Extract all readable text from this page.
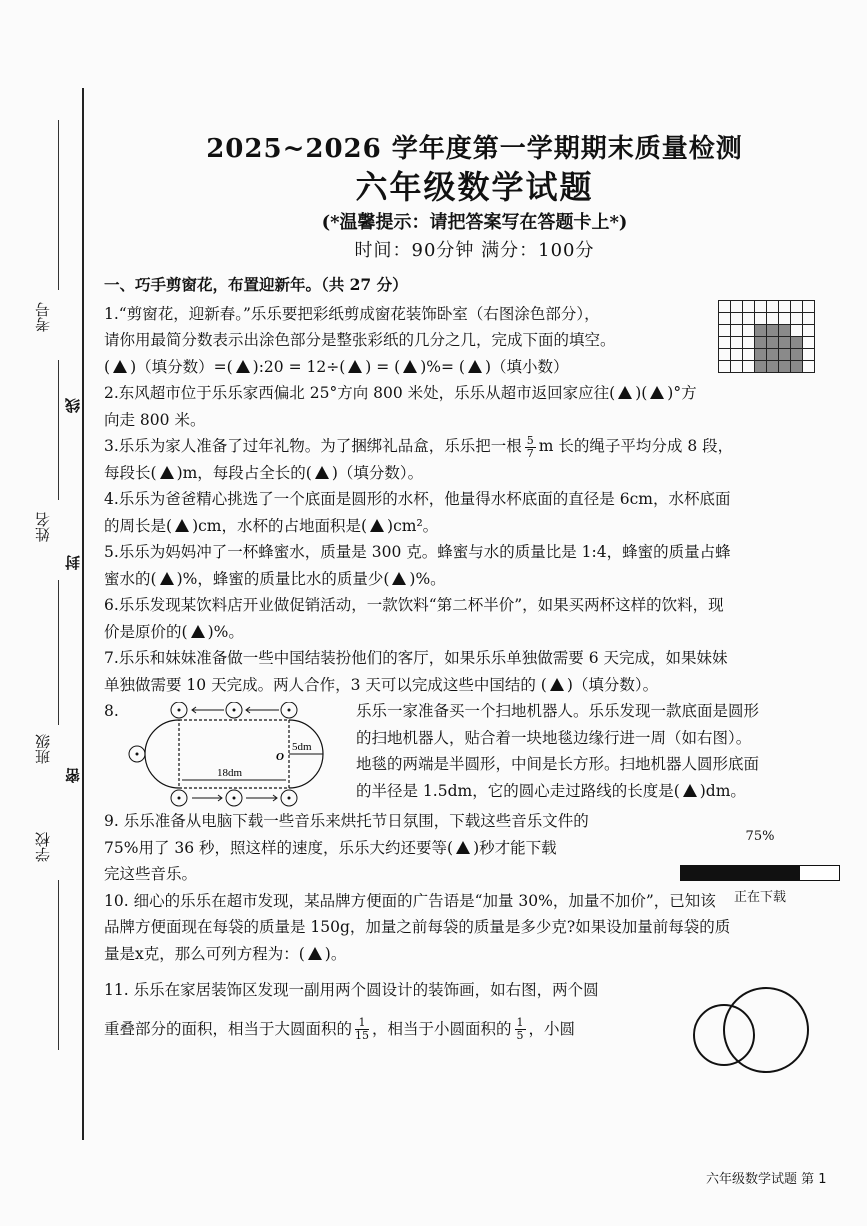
考号
姓名
班级
学校
线
封
密
2025~2026 学年度第一学期期末质量检测
六年级数学试题
(*温馨提示：请把答案写在答题卡上*)
时间：90分钟 满分：100分

一、巧手剪窗花，布置迎新年。（共 27 分）

1.“剪窗花，迎新春。”乐乐要把彩纸剪成窗花装饰卧室（右图涂色部分），

请你用最简分数表示出涂色部分是整张彩纸的几分之几，完成下面的填空。

( )（填分数）=( ):20 = 12÷( ) = ( )%= ( )（填小数）

2.东风超市位于乐乐家西偏北 25°方向 800 米处，乐乐从超市返回家应往( )( )°方

向走 800 米。

3.乐乐为家人准备了过年礼物。为了捆绑礼品盒，乐乐把一根 $\frac{5}{7}$ m 长的绳子平均分成 8 段，

每段长( )m，每段占全长的( )（填分数）。

4.乐乐为爸爸精心挑选了一个底面是圆形的水杯，他量得水杯底面的直径是 6cm，水杯底面

的周长是( )cm，水杯的占地面积是( )cm²。

5.乐乐为妈妈冲了一杯蜂蜜水，质量是 300 克。蜂蜜与水的质量比是 1:4，蜂蜜的质量占蜂

蜜水的( )%，蜂蜜的质量比水的质量少( )%。

6.乐乐发现某饮料店开业做促销活动，一款饮料“第二杯半价”，如果买两杯这样的饮料，现

价是原价的( )%。

7.乐乐和妹妹准备做一些中国结装扮他们的客厅，如果乐乐单独做需要 6 天完成，如果妹妹

单独做需要 10 天完成。两人合作，3 天可以完成这些中国结的 ( )（填分数）。

8.
5dm
O
18dm

乐乐一家准备买一个扫地机器人。乐乐发现一款底面是圆形

的扫地机器人，贴合着一块地毯边缘行进一周（如右图）。

地毯的两端是半圆形，中间是长方形。扫地机器人圆形底面

的半径是 1.5dm，它的圆心走过路线的长度是( )dm。

9. 乐乐准备从电脑下载一些音乐来烘托节日氛围，下载这些音乐文件的

75%用了 36 秒，照这样的速度，乐乐大约还要等( )秒才能下载

完这些音乐。

75%
正在下载

10. 细心的乐乐在超市发现，某品牌方便面的广告语是“加量 30%，加量不加价”，已知该

品牌方便面现在每袋的质量是 150g，加量之前每袋的质量是多少克?如果设加量前每袋的质

量是x克，那么可列方程为：( )。

11. 乐乐在家居装饰区发现一副用两个圆设计的装饰画，如右图，两个圆

重叠部分的面积，相当于大圆面积的 $\frac{1}{15}$ ，相当于小圆面积的 $\frac{1}{5}$ ，小圆

六年级数学试题 第 1
